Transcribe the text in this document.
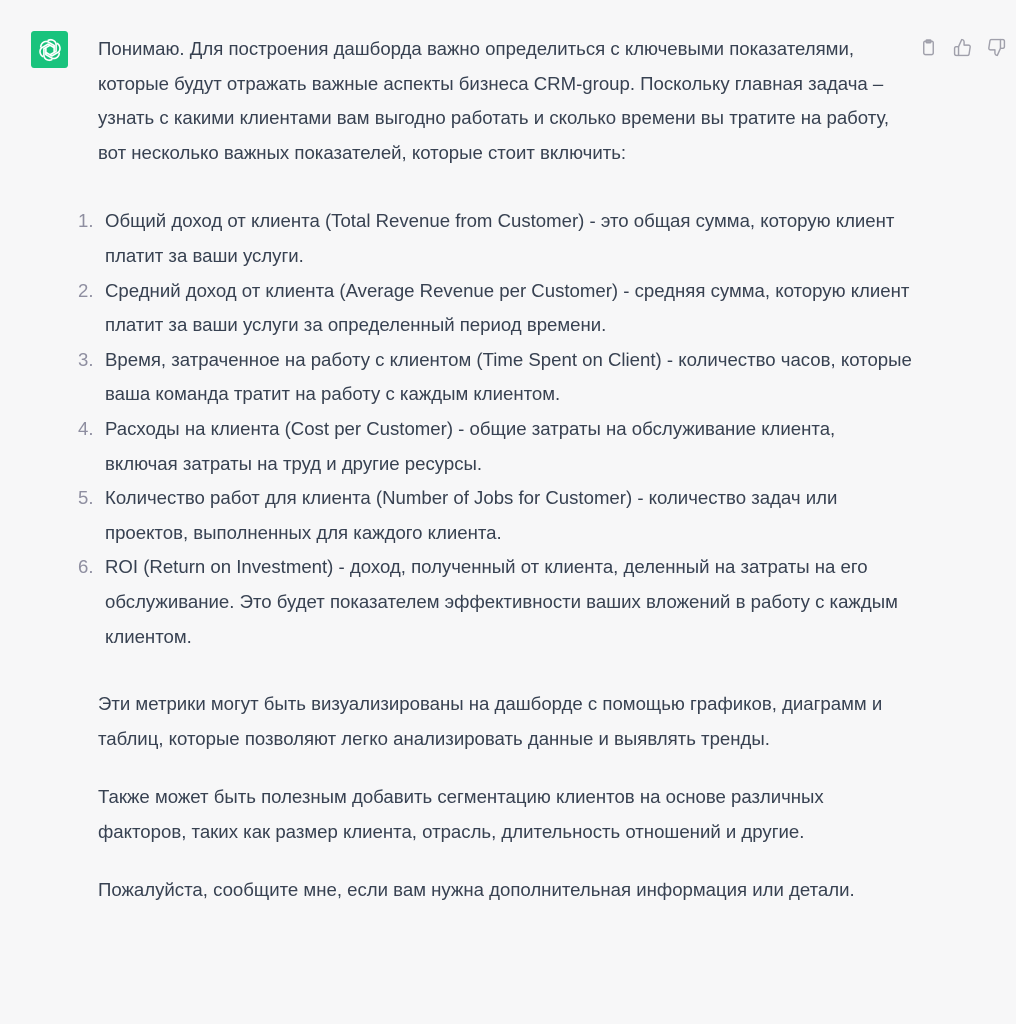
Понимаю. Для построения дашборда важно определиться с ключевыми показателями, которые будут отражать важные аспекты бизнеса CRM-group. Поскольку главная задача – узнать с какими клиентами вам выгодно работать и сколько времени вы тратите на работу, вот несколько важных показателей, которые стоит включить:

1. Общий доход от клиента (Total Revenue from Customer) - это общая сумма, которую клиент платит за ваши услуги.
2. Средний доход от клиента (Average Revenue per Customer) - средняя сумма, которую клиент платит за ваши услуги за определенный период времени.
3. Время, затраченное на работу с клиентом (Time Spent on Client) - количество часов, которые ваша команда тратит на работу с каждым клиентом.
4. Расходы на клиента (Cost per Customer) - общие затраты на обслуживание клиента, включая затраты на труд и другие ресурсы.
5. Количество работ для клиента (Number of Jobs for Customer) - количество задач или проектов, выполненных для каждого клиента.
6. ROI (Return on Investment) - доход, полученный от клиента, деленный на затраты на его обслуживание. Это будет показателем эффективности ваших вложений в работу с каждым клиентом.

Эти метрики могут быть визуализированы на дашборде с помощью графиков, диаграмм и таблиц, которые позволяют легко анализировать данные и выявлять тренды.

Также может быть полезным добавить сегментацию клиентов на основе различных факторов, таких как размер клиента, отрасль, длительность отношений и другие.

Пожалуйста, сообщите мне, если вам нужна дополнительная информация или детали.
